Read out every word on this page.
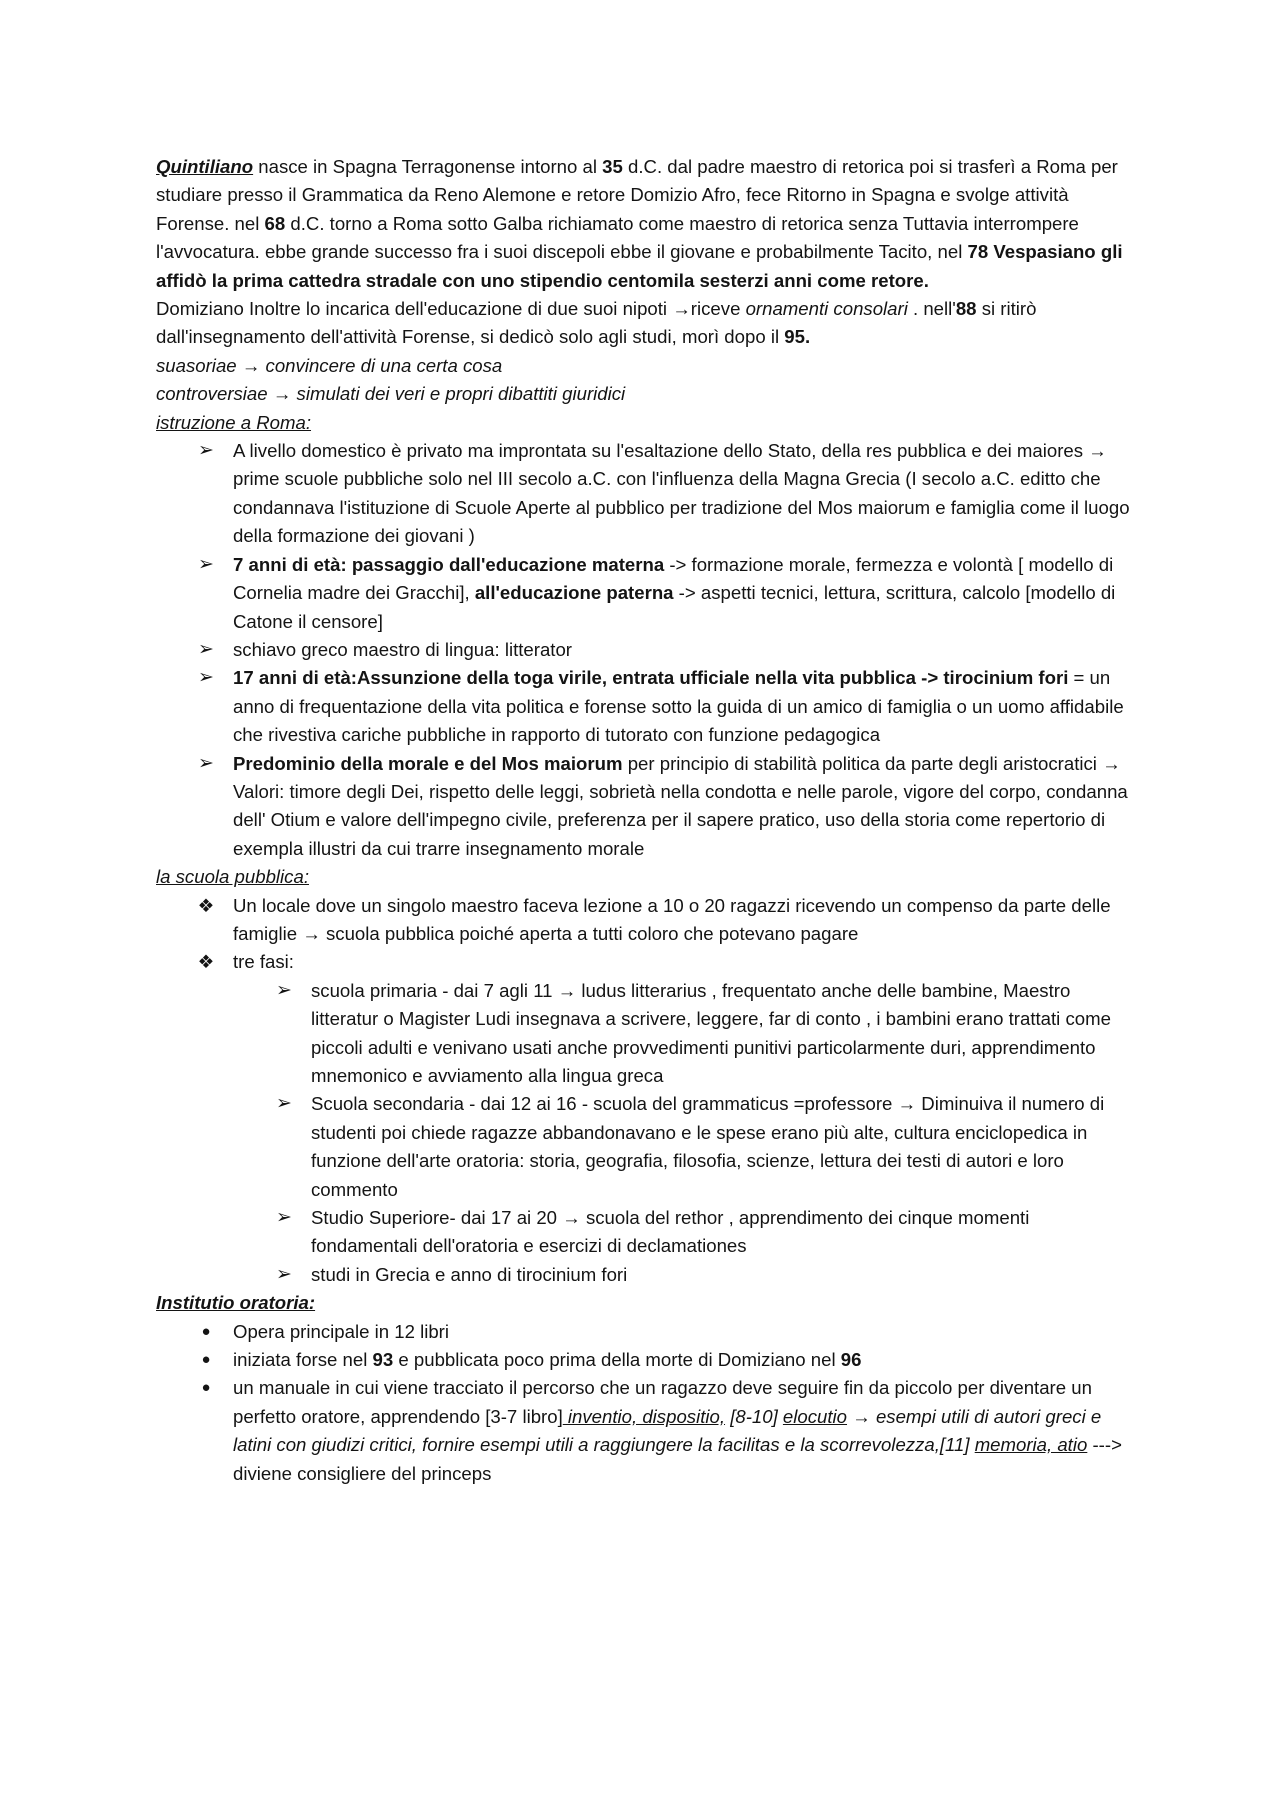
Quintiliano nasce in Spagna Terragonense intorno al 35 d.C. dal padre maestro di retorica poi si trasferì a Roma per studiare presso il Grammatica da Reno Alemone e retore Domizio Afro, fece Ritorno in Spagna e svolge attività Forense. nel 68 d.C. torno a Roma sotto Galba richiamato come maestro di retorica senza Tuttavia interrompere l'avvocatura. ebbe grande successo fra i suoi discepoli ebbe il giovane e probabilmente Tacito, nel 78 Vespasiano gli affidò la prima cattedra stradale con uno stipendio centomila sesterzi anni come retore.

Domiziano Inoltre lo incarica dell'educazione di due suoi nipoti →riceve ornamenti consolari . nell'88 si ritirò dall'insegnamento dell'attività Forense, si dedicò solo agli studi, morì dopo il 95.

suasoriae → convincere di una certa cosa

controversiae → simulati dei veri e propri dibattiti giuridici

istruzione a Roma:

➢ A livello domestico è privato ma improntata su l'esaltazione dello Stato, della res pubblica e dei maiores → prime scuole pubbliche solo nel III secolo a.C. con l'influenza della Magna Grecia (I secolo a.C. editto che condannava l'istituzione di Scuole Aperte al pubblico per tradizione del Mos maiorum e famiglia come il luogo della formazione dei giovani )
➢ 7 anni di età: passaggio dall'educazione materna -> formazione morale, fermezza e volontà [ modello di Cornelia madre dei Gracchi], all'educazione paterna -> aspetti tecnici, lettura, scrittura, calcolo [modello di Catone il censore]
➢ schiavo greco maestro di lingua: litterator
➢ 17 anni di età:Assunzione della toga virile, entrata ufficiale nella vita pubblica -> tirocinium fori = un anno di frequentazione della vita politica e forense sotto la guida di un amico di famiglia o un uomo affidabile che rivestiva cariche pubbliche in rapporto di tutorato con funzione pedagogica
➢ Predominio della morale e del Mos maiorum per principio di stabilità politica da parte degli aristocratici → Valori: timore degli Dei, rispetto delle leggi, sobrietà nella condotta e nelle parole, vigore del corpo, condanna dell' Otium e valore dell'impegno civile, preferenza per il sapere pratico, uso della storia come repertorio di exempla illustri da cui trarre insegnamento morale

la scuola pubblica:

❖ Un locale dove un singolo maestro faceva lezione a 10 o 20 ragazzi ricevendo un compenso da parte delle famiglie → scuola pubblica poiché aperta a tutti coloro che potevano pagare
❖ tre fasi:
➢ scuola primaria - dai 7 agli 11 → ludus litterarius , frequentato anche delle bambine, Maestro litteratur o Magister Ludi insegnava a scrivere, leggere, far di conto , i bambini erano trattati come piccoli adulti e venivano usati anche provvedimenti punitivi particolarmente duri, apprendimento mnemonico e avviamento alla lingua greca
➢ Scuola secondaria - dai 12 ai 16 - scuola del grammaticus =professore → Diminuiva il numero di studenti poi chiede ragazze abbandonavano e le spese erano più alte, cultura enciclopedica in funzione dell'arte oratoria: storia, geografia, filosofia, scienze, lettura dei testi di autori e loro commento
➢ Studio Superiore- dai 17 ai 20 → scuola del rethor , apprendimento dei cinque momenti fondamentali dell'oratoria e esercizi di declamationes
➢ studi in Grecia e anno di tirocinium fori

Institutio oratoria:

●	Opera principale in 12 libri
●	iniziata forse nel 93 e pubblicata poco prima della morte di Domiziano nel 96
●	un manuale in cui viene tracciato il percorso che un ragazzo deve seguire fin da piccolo per diventare un perfetto oratore, apprendendo [3-7 libro] inventio, dispositio, [8-10] elocutio → esempi utili di autori greci e latini con giudizi critici, fornire esempi utili a raggiungere la facilitas e la scorrevolezza,[11] memoria, atio ---> diviene consigliere del princeps
